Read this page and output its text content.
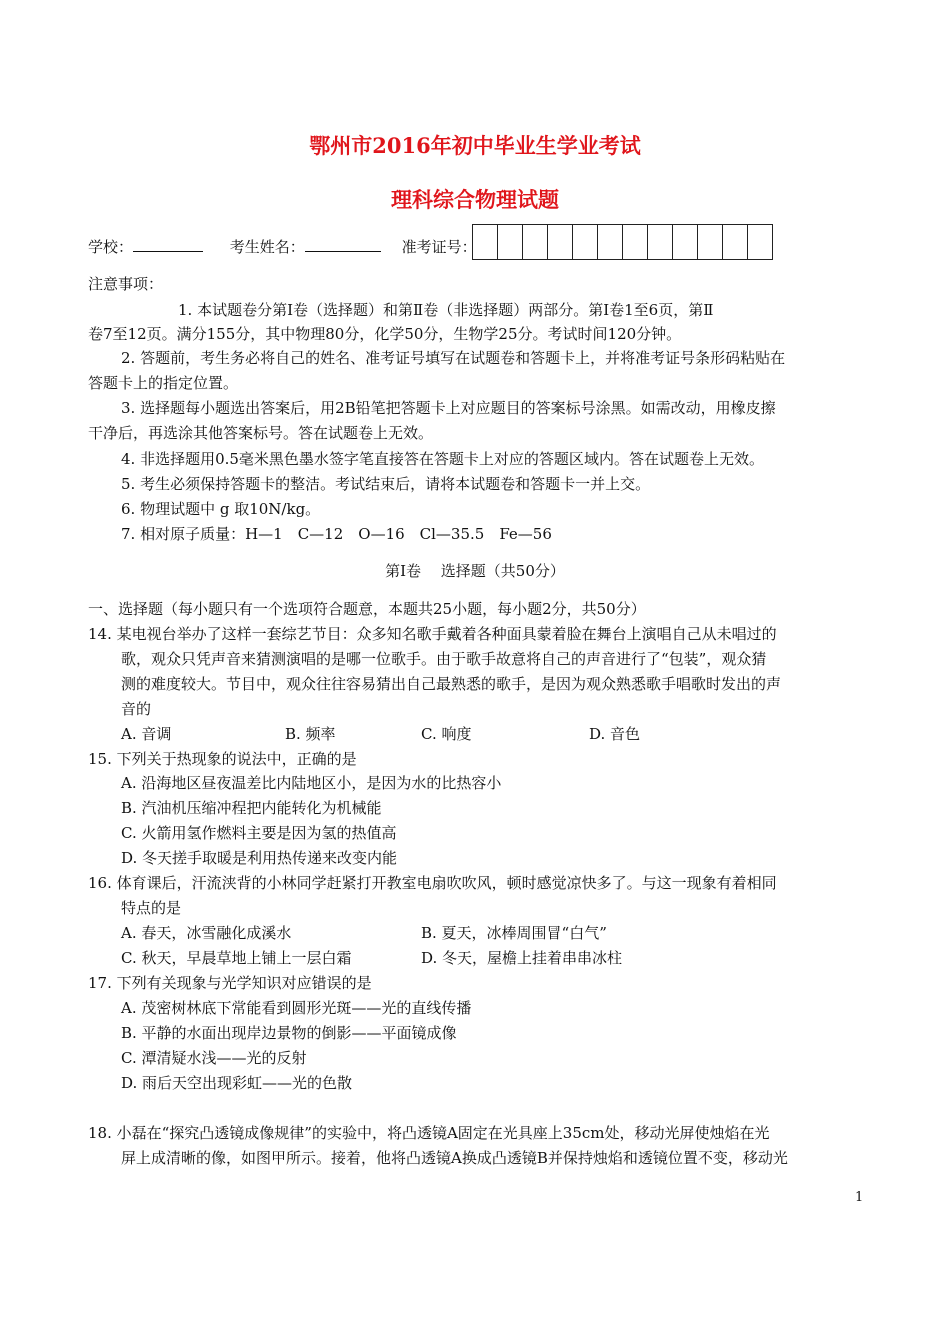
鄂州市2016年初中毕业生学业考试
理科综合物理试题
学校：	考生姓名：	准考证号：
注意事项：
1. 本试题卷分第Ⅰ卷（选择题）和第Ⅱ卷（非选择题）两部分。第Ⅰ卷1至6页，第Ⅱ
卷7至12页。满分155分，其中物理80分，化学50分，生物学25分。考试时间120分钟。
2. 答题前，考生务必将自己的姓名、准考证号填写在试题卷和答题卡上，并将准考证号条形码粘贴在
答题卡上的指定位置。
3. 选择题每小题选出答案后，用2B铅笔把答题卡上对应题目的答案标号涂黑。如需改动，用橡皮擦
干净后，再选涂其他答案标号。答在试题卷上无效。
4. 非选择题用0.5毫米黑色墨水签字笔直接答在答题卡上对应的答题区域内。答在试题卷上无效。
5. 考生必须保持答题卡的整洁。考试结束后，请将本试题卷和答题卡一并上交。
6. 物理试题中 g 取10N/kg。
7. 相对原子质量：H—1　C—12　O—16　Cl—35.5　Fe—56
第Ⅰ卷　 选择题（共50分）
一、选择题（每小题只有一个选项符合题意，本题共25小题，每小题2分，共50分）
14. 某电视台举办了这样一套综艺节目：众多知名歌手戴着各种面具蒙着脸在舞台上演唱自己从未唱过的
歌，观众只凭声音来猜测演唱的是哪一位歌手。由于歌手故意将自己的声音进行了“包装”，观众猜
测的难度较大。节目中，观众往往容易猜出自己最熟悉的歌手，是因为观众熟悉歌手唱歌时发出的声
音的
A. 音调	B. 频率	C. 响度	D. 音色
15. 下列关于热现象的说法中，正确的是
A. 沿海地区昼夜温差比内陆地区小，是因为水的比热容小
B. 汽油机压缩冲程把内能转化为机械能
C. 火箭用氢作燃料主要是因为氢的热值高
D. 冬天搓手取暖是利用热传递来改变内能
16. 体育课后，汗流浃背的小林同学赶紧打开教室电扇吹吹风，顿时感觉凉快多了。与这一现象有着相同
特点的是
A. 春天，冰雪融化成溪水	B. 夏天，冰棒周围冒“白气”
C. 秋天，早晨草地上铺上一层白霜	D. 冬天，屋檐上挂着串串冰柱
17. 下列有关现象与光学知识对应错误的是
A. 茂密树林底下常能看到圆形光斑——光的直线传播
B. 平静的水面出现岸边景物的倒影——平面镜成像
C. 潭清疑水浅——光的反射
D. 雨后天空出现彩虹——光的色散
18. 小磊在“探究凸透镜成像规律”的实验中，将凸透镜A固定在光具座上35cm处，移动光屏使烛焰在光
屏上成清晰的像，如图甲所示。接着，他将凸透镜A换成凸透镜B并保持烛焰和透镜位置不变，移动光
1
